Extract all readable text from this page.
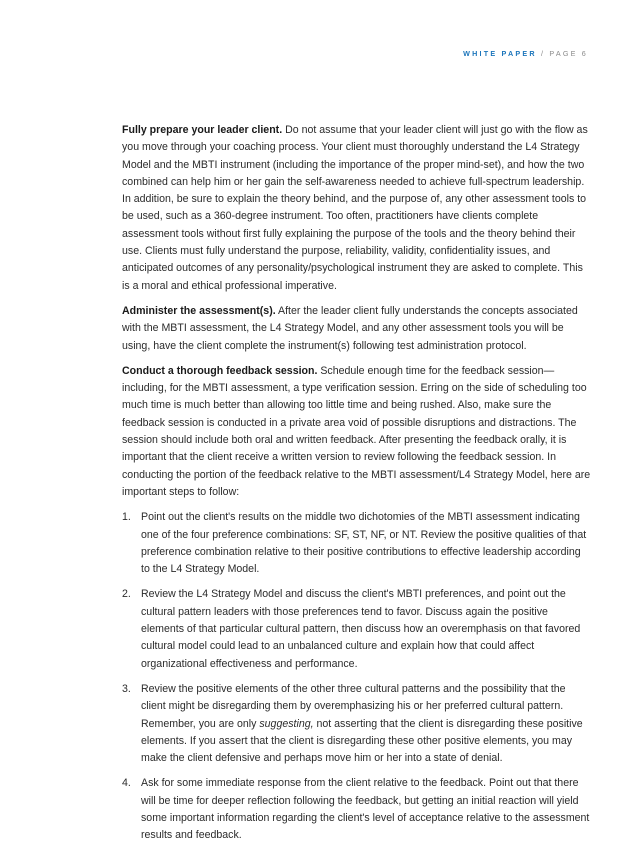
WHITE PAPER / PAGE 6

Fully prepare your leader client. Do not assume that your leader client will just go with the flow as you move through your coaching process. Your client must thoroughly understand the L4 Strategy Model and the MBTI instrument (including the importance of the proper mind-set), and how the two combined can help him or her gain the self-awareness needed to achieve full-spectrum leadership. In addition, be sure to explain the theory behind, and the purpose of, any other assessment tools to be used, such as a 360-degree instrument. Too often, practitioners have clients complete assessment tools without first fully explaining the purpose of the tools and the theory behind their use. Clients must fully understand the purpose, reliability, validity, confidentiality issues, and anticipated outcomes of any personality/psychological instrument they are asked to complete. This is a moral and ethical professional imperative.

Administer the assessment(s). After the leader client fully understands the concepts associated with the MBTI assessment, the L4 Strategy Model, and any other assessment tools you will be using, have the client complete the instrument(s) following test administration protocol.

Conduct a thorough feedback session. Schedule enough time for the feedback session—including, for the MBTI assessment, a type verification session. Erring on the side of scheduling too much time is much better than allowing too little time and being rushed. Also, make sure the feedback session is conducted in a private area void of possible disruptions and distractions. The session should include both oral and written feedback. After presenting the feedback orally, it is important that the client receive a written version to review following the feedback session. In conducting the portion of the feedback relative to the MBTI assessment/L4 Strategy Model, here are important steps to follow:

1. Point out the client's results on the middle two dichotomies of the MBTI assessment indicating one of the four preference combinations: SF, ST, NF, or NT. Review the positive qualities of that preference combination relative to their positive contributions to effective leadership according to the L4 Strategy Model.
2. Review the L4 Strategy Model and discuss the client's MBTI preferences, and point out the cultural pattern leaders with those preferences tend to favor. Discuss again the positive elements of that particular cultural pattern, then discuss how an overemphasis on that favored cultural model could lead to an unbalanced culture and explain how that could affect organizational effectiveness and performance.
3. Review the positive elements of the other three cultural patterns and the possibility that the client might be disregarding them by overemphasizing his or her preferred cultural pattern. Remember, you are only suggesting, not asserting that the client is disregarding these positive elements. If you assert that the client is disregarding these other positive elements, you may make the client defensive and perhaps move him or her into a state of denial.
4. Ask for some immediate response from the client relative to the feedback. Point out that there will be time for deeper reflection following the feedback, but getting an initial reaction will yield some important information regarding the client's level of acceptance relative to the assessment results and feedback.
